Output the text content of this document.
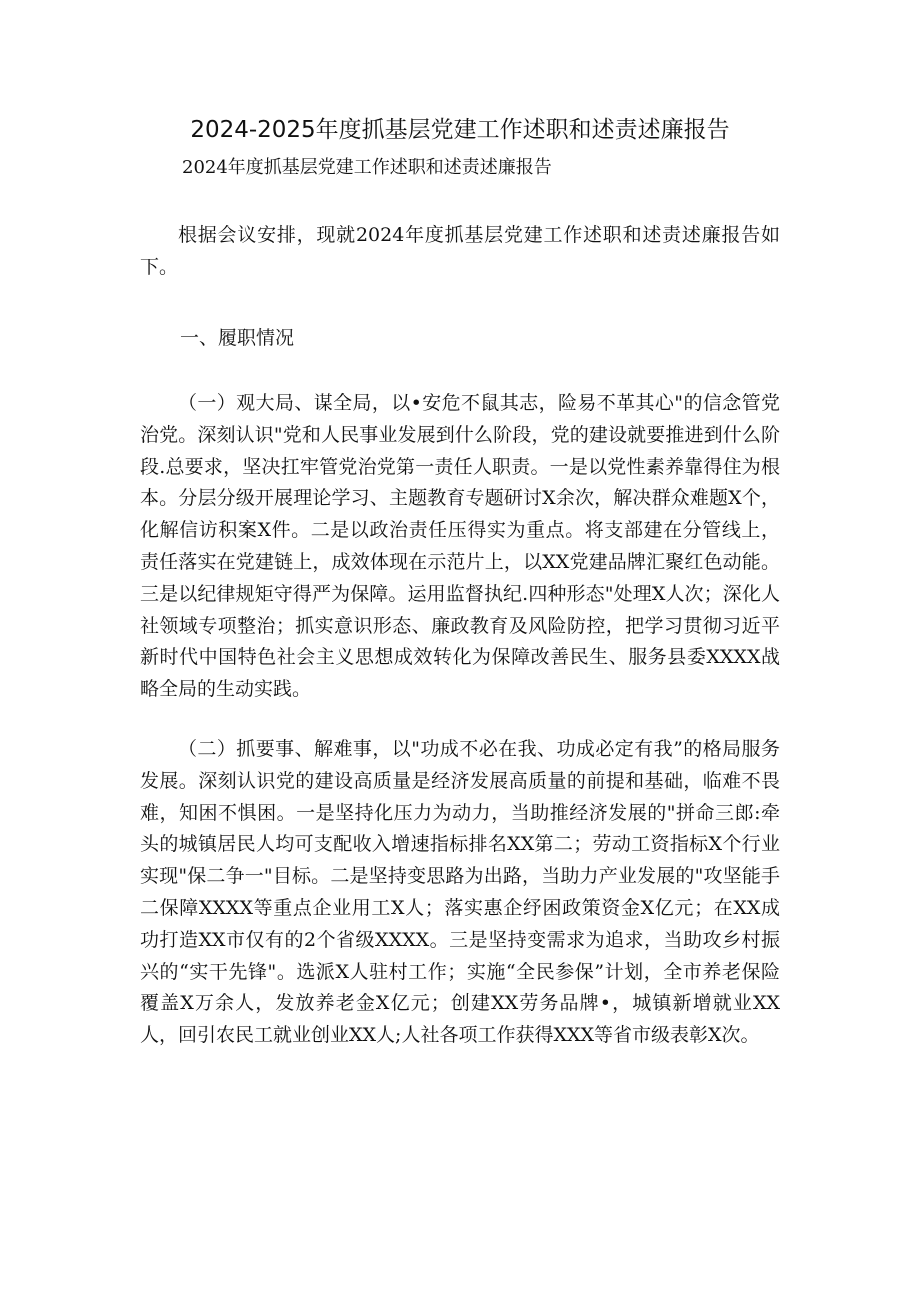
2024-2025年度抓基层党建工作述职和述责述廉报告

2024年度抓基层党建工作述职和述责述廉报告

根据会议安排，现就2024年度抓基层党建工作述职和述责述廉报告如下。

一、履职情况

（一）观大局、谋全局，以•安危不鼠其志，险易不革其心"的信念管党治党。深刻认识"党和人民事业发展到什么阶段，党的建设就要推进到什么阶段.总要求，坚决扛牢管党治党第一责任人职责。一是以党性素养靠得住为根本。分层分级开展理论学习、主题教育专题研讨X余次，解决群众难题X个，化解信访积案X件。二是以政治责任压得实为重点。将支部建在分管线上，责任落实在党建链上，成效体现在示范片上，以XX党建品牌汇聚红色动能。三是以纪律规矩守得严为保障。运用监督执纪.四种形态"处理X人次；深化人社领域专项整治；抓实意识形态、廉政教育及风险防控，把学习贯彻习近平新时代中国特色社会主义思想成效转化为保障改善民生、服务县委XXXX战略全局的生动实践。

（二）抓要事、解难事，以"功成不必在我、功成必定有我”的格局服务发展。深刻认识党的建设高质量是经济发展高质量的前提和基础，临难不畏难，知困不惧困。一是坚持化压力为动力，当助推经济发展的"拼命三郎:牵头的城镇居民人均可支配收入增速指标排名XX第二；劳动工资指标X个行业实现"保二争一"目标。二是坚持变思路为出路，当助力产业发展的"攻坚能手二保障XXXX等重点企业用工X人；落实惠企纾困政策资金X亿元；在XX成功打造XX市仅有的2个省级XXXX。三是坚持变需求为追求，当助攻乡村振兴的“实干先锋"。选派X人驻村工作；实施“全民参保”计划，全市养老保险覆盖X万余人，发放养老金X亿元；创建XX劳务品牌•，城镇新增就业XX人，回引农民工就业创业XX人;人社各项工作获得XXX等省市级表彰X次。
